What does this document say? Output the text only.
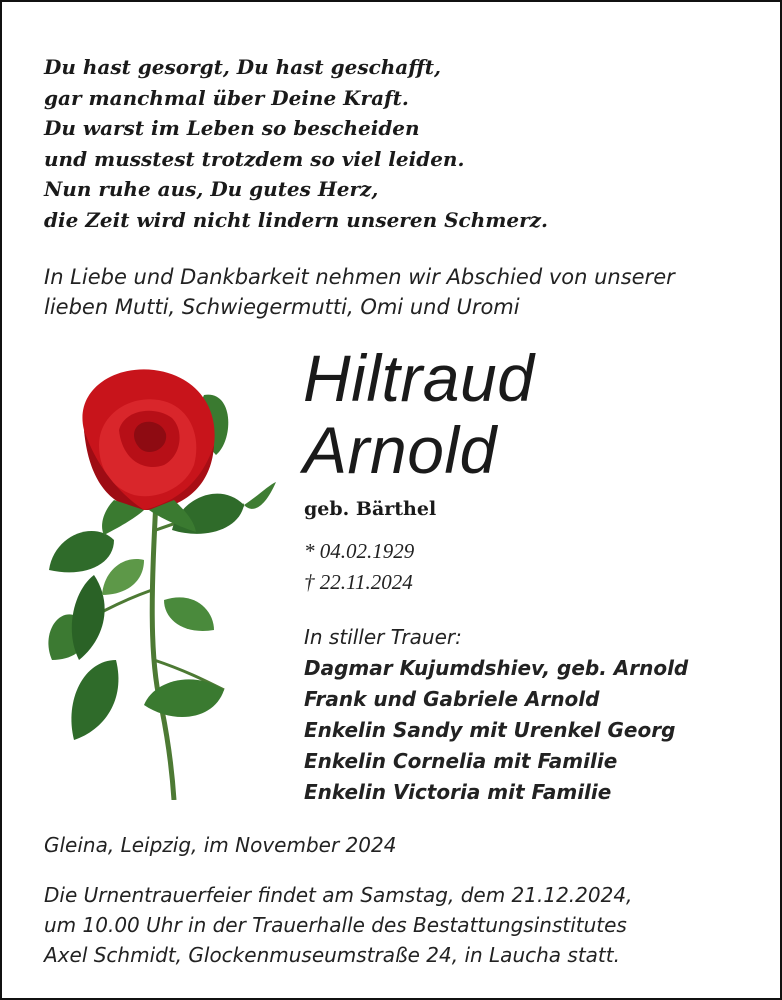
Du hast gesorgt, Du hast geschafft,
gar manchmal über Deine Kraft.
Du warst im Leben so bescheiden
und musstest trotzdem so viel leiden.
Nun ruhe aus, Du gutes Herz,
die Zeit wird nicht lindern unseren Schmerz.
In Liebe und Dankbarkeit nehmen wir Abschied von unserer
lieben Mutti, Schwiegermutti, Omi und Uromi
Hiltraud
Arnold
geb. Bärthel
* 04.02.1929
† 22.11.2024
In stiller Trauer:
Dagmar Kujumdshiev, geb. Arnold
Frank und Gabriele Arnold
Enkelin Sandy mit Urenkel Georg
Enkelin Cornelia mit Familie
Enkelin Victoria mit Familie
Gleina, Leipzig, im November 2024
Die Urnentrauerfeier findet am Samstag, dem 21.12.2024,
um 10.00 Uhr in der Trauerhalle des Bestattungsinstitutes
Axel Schmidt, Glockenmuseumstraße 24, in Laucha statt.
